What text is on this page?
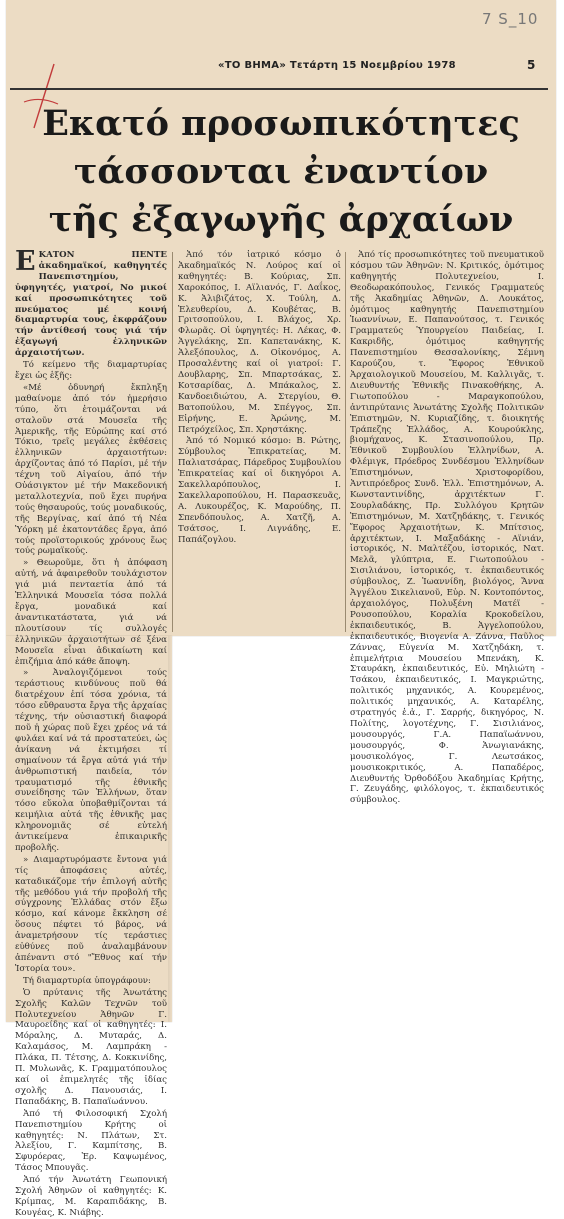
7 S_10
«ΤΟ ΒΗΜΑ» Τετάρτη 15 Νοεμβρίου 1978	5
Εκατό προσωπικότητες
τάσσονται ἐναντίον
τῆς ἐξαγωγῆς ἀρχαίων

ΕΚΑΤΟΝ ΠΕΝΤΕ ἀκαδημαϊκοί, καθηγητές Πανεπιστημίου, ὑφηγητές, γιατροί, Νο μικοί καί προσωπικότητες τοῦ πνεύματος μέ κοινή διαμαρτυρία τους, ἐκφράζουν τήν ἀντίθεσή τους γιά τήν ἐξαγωγή ἑλληνικῶν ἀρχαιοτήτων.

Τό κείμενο τῆς διαμαρτυρίας ἔχει ὡς ἑξῆς:

«Μέ ὀδυνηρή ἔκπληξη μαθαίνομε ἀπό τόν ἡμερήσιο τύπο, ὅτι ἑτοιμάζονται νά σταλοῦν στά Μουσεῖα τῆς Ἀμερικῆς, τῆς Εὐρώπης καί στό Τόκιο, τρεῖς μεγάλες ἐκθέσεις ἑλληνικῶν ἀρχαιοτήτων: ἀρχίζοντας ἀπό τό Παρίσι, μέ τήν τέχνη τοῦ Αἰγαίου, ἀπό τήν Οὐάσιγκτον μέ τήν Μακεδονική μεταλλοτεχνία, ποῦ ἔχει πυρήνα τούς θησαυρούς, τούς μοναδικούς, τῆς Βεργίνας, καί ἀπό τή Νέα Ὑόρκη μέ ἑκατοντάδες ἔργα, ἀπό τούς προϊστορικούς χρόνους ἕως τούς ρωμαϊκούς.

» Θεωροῦμε, ὅτι ἡ ἀπόφαση αὐτή, νά ἀφαιρεθοῦν τουλάχιστον γιά μιά πενταετία ἀπό τά Ἑλληνικά Μουσεῖα τόσα πολλά ἔργα, μοναδικά καί ἀναντικατάστατα, γιά νά πλουτίσουν τίς συλλογές ἑλληνικῶν ἀρχαιοτήτων σέ ξένα Μουσεῖα εἶναι ἀδικαίωτη καί ἐπιζήμια ἀπό κάθε ἄποψη.

» Ἀναλογιζόμενοι τούς τεράστιους κινδύνους ποῦ θά διατρέχουν ἐπί τόσα χρόνια, τά τόσο εὔθραυστα ἔργα τῆς ἀρχαίας τέχνης, τήν οὐσιαστική διαφορά ποῦ ἡ χώρας ποῦ ἔχει χρέος νά τά φυλάει καί νά τά προστατεύει, ὡς ἀνίκανη νά ἐκτιμήσει τί σημαίνουν τά ἔργα αὐτά γιά τήν ἀνθρωπιστική παιδεία, τόν τραυματισμό τῆς ἐθνικῆς συνείδησης τῶν Ἑλλήνων, ὅταν τόσο εὔκολα ὑποβαθμίζονται τά κειμήλια αὐτά τῆς ἐθνικῆς μας κληρονομιᾶς σέ εὐτελή ἀντικείμενα ἐπικαιρικῆς προβολῆς.

» Διαμαρτυρόμαστε ἔντονα γιά τίς ἀποφάσεις αὐτές, καταδικάζομε τήν ἐπιλογή αὐτῆς τῆς μεθόδου γιά τήν προβολή τῆς σύγχρονης Ἑλλάδας στόν ἔξω κόσμο, καί κάνομε ἔκκληση σέ ὅσους πέφτει τό βάρος, νά ἀναμετρήσουν τίς τεράστιες εὐθύνες ποῦ ἀναλαμβάνουν ἀπέναντι στό "Ἔθνος καί τήν Ἱστορία του».

Τή διαμαρτυρία ὑπογράφουν:

Ὁ πρύτανις τῆς Ἀνωτάτης Σχολῆς Καλῶν Τεχνῶν τοῦ Πολυτεχνείου Ἀθηνῶν Γ. Μαυροείδης καί οἱ καθηγητές: Ι. Μόραλης, Δ. Μυταράς, Δ. Καλαμάσος, Μ. Λαμπράκη - Πλάκα, Π. Τέτσης, Δ. Κοκκινίδης, Π. Μυλωνᾶς, Κ. Γραμματόπουλος καί οἱ ἐπιμελητές τῆς ἰδίας σχολῆς Δ. Πανουσιάς, Ι. Παπαδάκης, Β. Παπαϊωάννου.

Ἀπό τή Φιλοσοφική Σχολή Πανεπιστημίου Κρήτης οἱ καθηγητές: Ν. Πλάτων, Στ. Ἀλεξίου, Γ. Καμπίτσης, Β. Σφυρόερας, Ἐρ. Καψωμένος, Τάσος Μπουγᾶς.

Ἀπό τήν Ἀνωτάτη Γεωπονική Σχολή Ἀθηνῶν οἱ καθηγητές: Κ. Κρίμπας, Μ. Καραπιδάκης, Β. Κουγέας, Κ. Νιάβης.

Ἀπό τόν ἰατρικό κόσμο ὁ Ἀκαδημαϊκός Ν. Λούρος καί οἱ καθηγητές: Β. Κούριας, Σπ. Χαροκόπος, Ι. Αϊλιανός, Γ. Δαΐκος, Κ. Ἀλιβιζάτος, Χ. Τούλη, Δ. Ἐλευθερίου, Δ. Κουβέτας, Β. Γριτσοπούλου, Ι. Βλάχος, Χρ. Φλωρᾶς. Οἱ ὑφηγητές: Η. Λέκας, Φ. Ἀγγελάκης, Σπ. Καπετανάκης, Κ. Ἀλεξόπουλος, Δ. Οἰκονόμος, Α. Προσαλέντης καί οἱ γιατροί: Γ. Δουβλαρης, Σπ. Μπαρτσάκας, Σ. Κοτσαρίδας, Δ. Μπάκαλος, Σ. Κανδοειδιώτου, Α. Στεργίου, Θ. Βατοπούλου, Μ. Σπέγγος, Σπ. Εἰρήνης, Ε. Ἀρώνης, Μ. Πετρόχείλος, Σπ. Χρηστάκης.

Ἀπό τό Νομικό κόσμο: Β. Ρώτης, Σύμβουλος Ἐπικρατείας, Μ. Παλιατσάρας, Πάρεδρος Συμβουλίου Ἐπικρατείας καί οἱ δικηγόροι Α. Σακελλαρόπουλος, Ι. Σακελλαροπούλου, Η. Παρασκευᾶς, Α. Λυκουρέζος, Κ. Μαρούδης, Π. Σπενδόπουλος, Α. Χατζῆ, Α. Τσάτσος, Ι. Λιγνάδης, Ε. Παπάζογλου.

Ἀπό τίς προσωπικότητες τοῦ πνευματικοῦ κόσμου τῶν Ἀθηνῶν: Ν. Κριτικός, ὁμότιμος καθηγητής Πολυτεχνείου, Ι. Θεοδωρακόπουλος, Γενικός Γραμματεύς τῆς Ἀκαδημίας Ἀθηνῶν, Δ. Λουκάτος, ὁμότιμος καθηγητής Πανεπιστημίου Ἰωαννίνων, Ε. Παπανούτσος, τ. Γενικός Γραμματεύς Ὑπουργείου Παιδείας, Ι. Κακριδῆς, ὁμότιμος καθηγητής Πανεπιστημίου Θεσσαλονίκης, Σέμνη Καρούζου, τ. Ἔφορος Ἐθνικοῦ Ἀρχαιολογικοῦ Μουσείου, Μ. Καλλιγᾶς, τ. Διευθυντής Ἐθνικῆς Πινακοθήκης, Α. Γιωτοπούλου - Μαραγκοπούλου, ἀντιπρύτανις Ἀνωτάτης Σχολῆς Πολιτικῶν Ἐπιστημῶν, Ν. Κυριαζίδης, τ. διοικητής Τράπεζης Ἑλλάδος, Α. Κουρούκλης, βιομήχανος, Κ. Στασινοπούλου, Πρ. Ἐθνικοῦ Συμβουλίου Ἑλληνίδων, Α. Φλέμιγκ, Πρόεδρος Συνδέσμου Ἑλληνίδων Ἐπιστημόνων, Χριστοφορίδου, Ἀντιπρόεδρος Συνδ. Ἑλλ. Ἐπιστημόνων, Α. Κωνσταντινίδης, ἀρχιτέκτων Γ. Σουρλαδάκης, Πρ. Συλλόγου Κρητῶν Ἐπιστημόνων, Μ. Χατζηδάκης, τ. Γενικός Ἔφορος Ἀρχαιοτήτων, Κ. Μπίτσιος, ἀρχιτέκτων, Ι. Μαξαδάκης - Αϊνιάν, ἰστορικός, Ν. Μαλτέζου, ἰστορικός, Νατ. Μελᾶ, γλύπτρια, Ε. Γιωτοπούλου - Σισιλιάνου, ἱστορικός, τ. ἐκπαιδευτικός σύμβουλος, Ζ. Ἰωαννίδη, βιολόγος, Ἄννα Ἀγγέλου Σικελιανοῦ, Εὐρ. Ν. Κοντοπόντος, ἀρχαιολόγος, Πολυξένη Ματέϊ - Ρουσοπούλου, Κοραλία Κροκοδείλου, ἐκπαιδευτικός, Β. Ἀγγελοπούλου, ἐκπαιδευτικός, Βιογενία Α. Ζάννα, Παῦλος Ζάννας, Εὐγενία Μ. Χατζηδάκη, τ. ἐπιμελήτρια Μουσείου Μπενάκη, Κ. Σταυράκη, ἐκπαιδευτικός, Εὐ. Μηλιώτη - Τσάκου, ἐκπαιδευτικός, Ι. Μαγκριώτης, πολιτικός μηχανικός, Α. Κουρεμένος, πολιτικός μηχανικός, Α. Καταρέλης, στρατηγός ἐ.ἀ., Γ. Σαρρής, δικηγόρος, Ν. Πολίτης, λογοτέχνης, Γ. Σισιλιάνος, μουσουργός, Γ.Α. Παπαϊωάννου, μουσουργός, Φ. Ἀνωγιανάκης, μουσικολόγος, Γ. Λεωτσάκος, μουσικοκριτικός, Α. Παπαδέρος, Διευθυντής Ὀρθοδόξου Ἀκαδημίας Κρήτης, Γ. Ζευγάδης, φιλόλογος, τ. ἐκπαιδευτικός σύμβουλος.
